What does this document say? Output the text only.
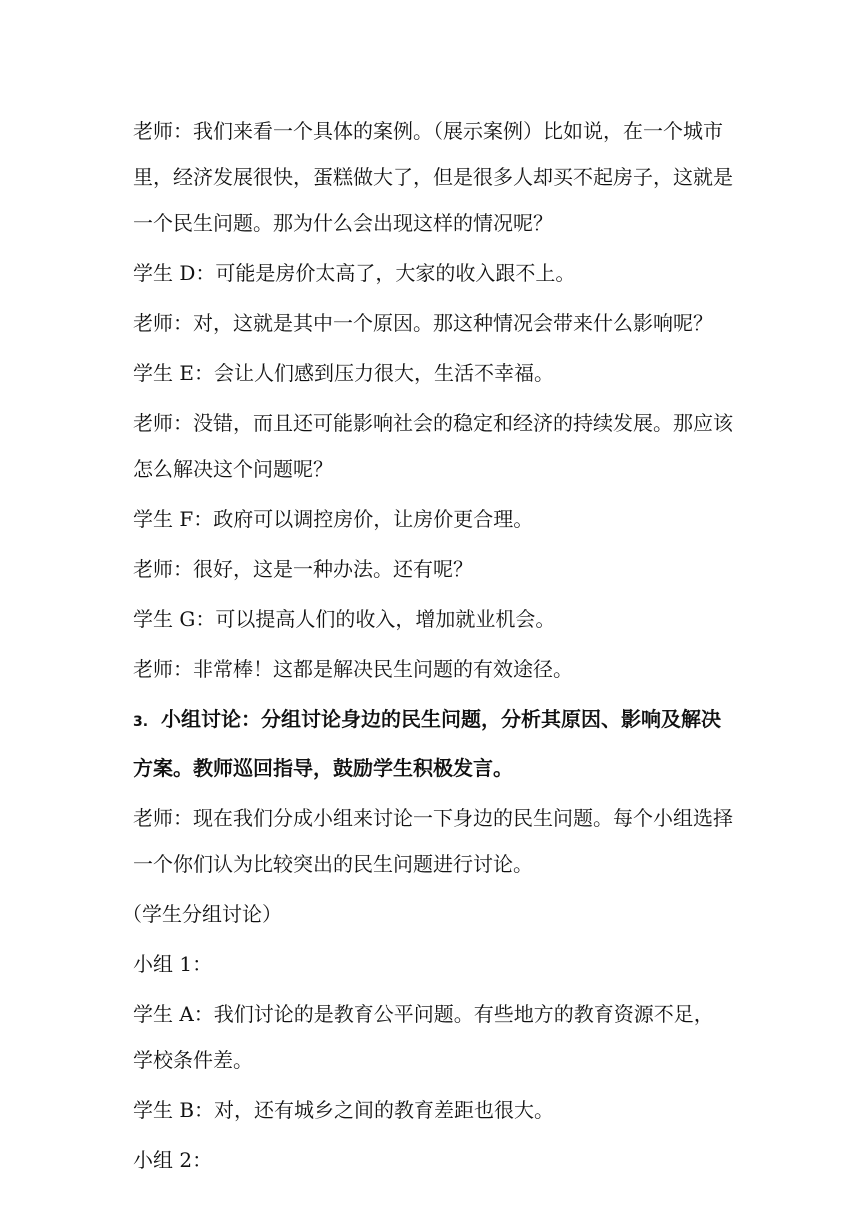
老师：我们来看一个具体的案例。（展示案例）比如说，在一个城市里，经济发展很快，蛋糕做大了，但是很多人却买不起房子，这就是一个民生问题。那为什么会出现这样的情况呢？

学生 D：可能是房价太高了，大家的收入跟不上。

老师：对，这就是其中一个原因。那这种情况会带来什么影响呢？

学生 E：会让人们感到压力很大，生活不幸福。

老师：没错，而且还可能影响社会的稳定和经济的持续发展。那应该怎么解决这个问题呢？

学生 F：政府可以调控房价，让房价更合理。

老师：很好，这是一种办法。还有呢？

学生 G：可以提高人们的收入，增加就业机会。

老师：非常棒！这都是解决民生问题的有效途径。

3. 小组讨论：分组讨论身边的民生问题，分析其原因、影响及解决方案。教师巡回指导，鼓励学生积极发言。

老师：现在我们分成小组来讨论一下身边的民生问题。每个小组选择一个你们认为比较突出的民生问题进行讨论。

（学生分组讨论）

小组 1：

学生 A：我们讨论的是教育公平问题。有些地方的教育资源不足，学校条件差。

学生 B：对，还有城乡之间的教育差距也很大。

小组 2：
